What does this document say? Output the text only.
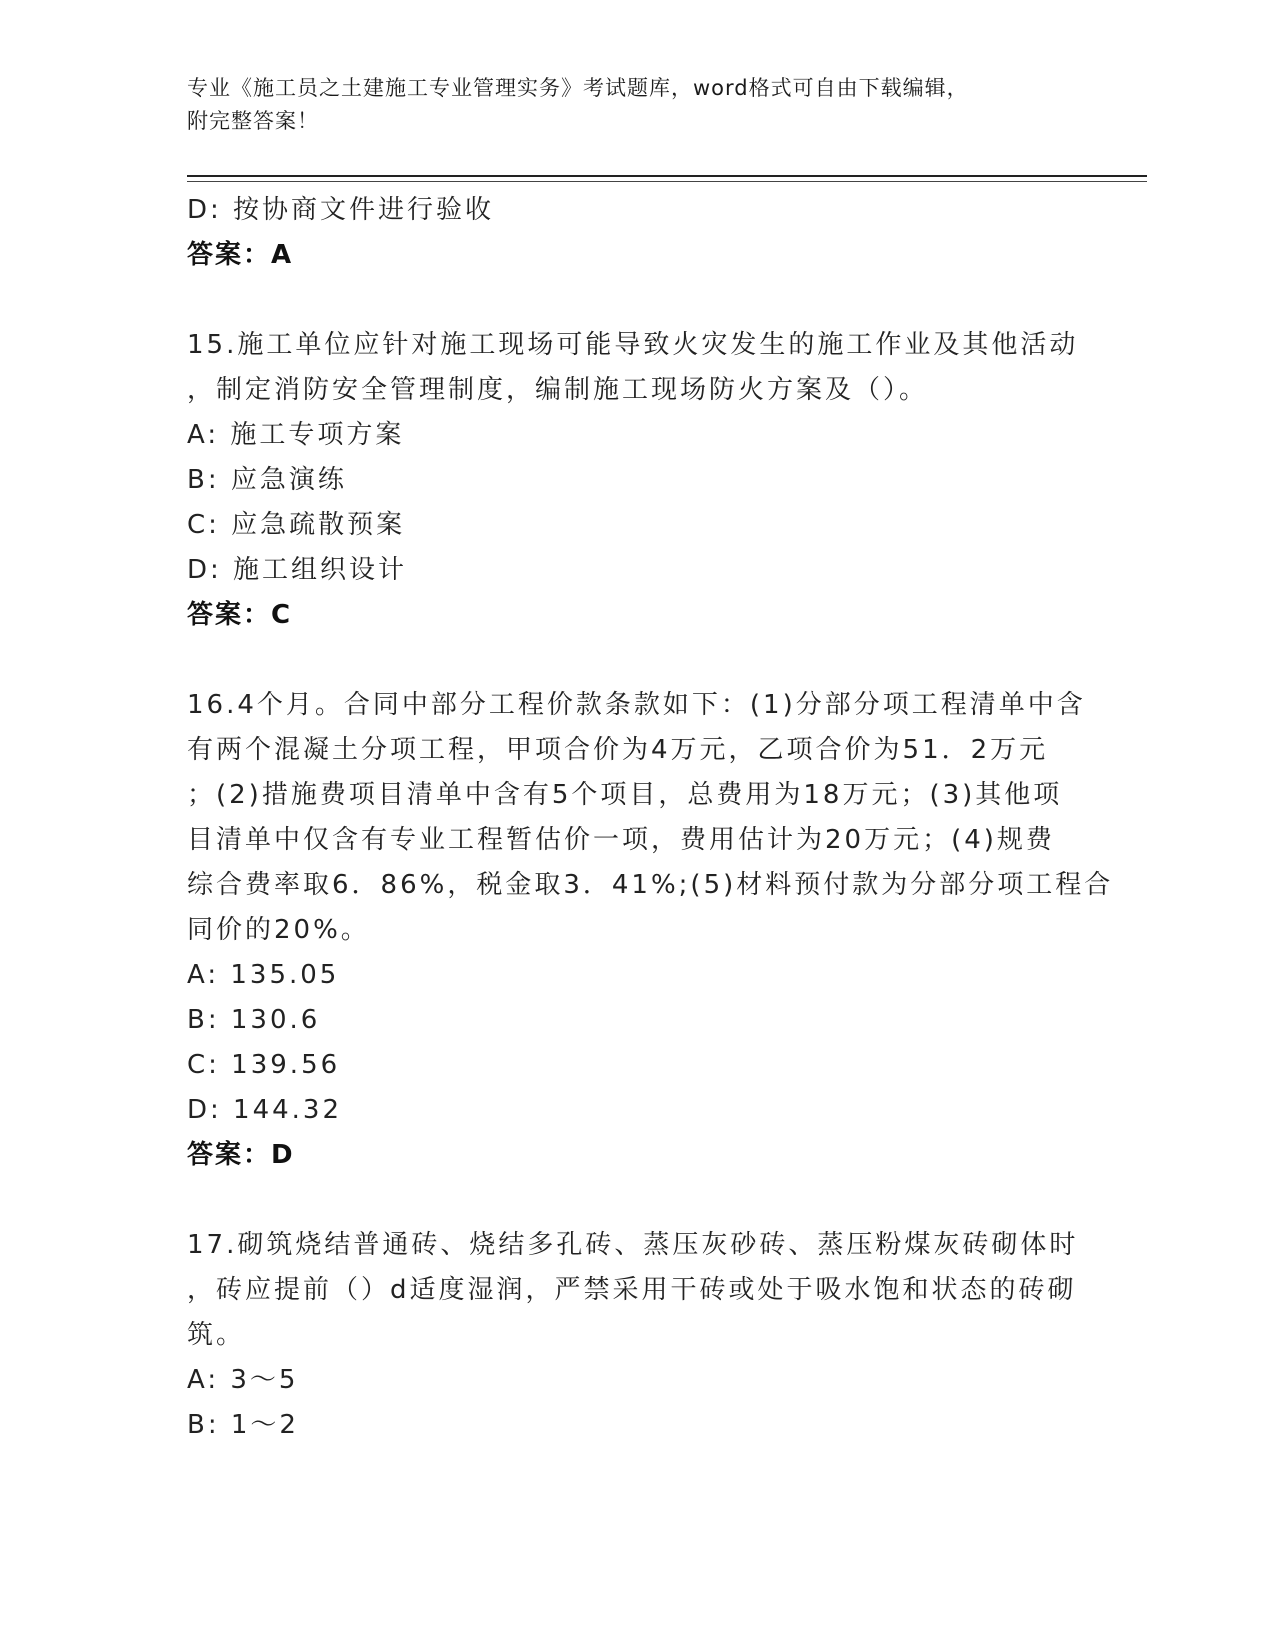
专业《施工员之土建施工专业管理实务》考试题库，word格式可自由下载编辑，
附完整答案！
D: 按协商文件进行验收
答案：A
15.施工单位应针对施工现场可能导致火灾发生的施工作业及其他活动
，制定消防安全管理制度，编制施工现场防火方案及（）。
A: 施工专项方案
B: 应急演练
C: 应急疏散预案
D: 施工组织设计
答案：C
16.4个月。合同中部分工程价款条款如下：(1)分部分项工程清单中含
有两个混凝土分项工程，甲项合价为4万元，乙项合价为51．2万元
；(2)措施费项目清单中含有5个项目，总费用为18万元；(3)其他项
目清单中仅含有专业工程暂估价一项，费用估计为20万元；(4)规费
综合费率取6．86%，税金取3．41%;(5)材料预付款为分部分项工程合
同价的20%。
A: 135.05
B: 130.6
C: 139.56
D: 144.32
答案：D
17.砌筑烧结普通砖、烧结多孔砖、蒸压灰砂砖、蒸压粉煤灰砖砌体时
，砖应提前（）d适度湿润，严禁采用干砖或处于吸水饱和状态的砖砌
筑。
A: 3～5
B: 1～2
